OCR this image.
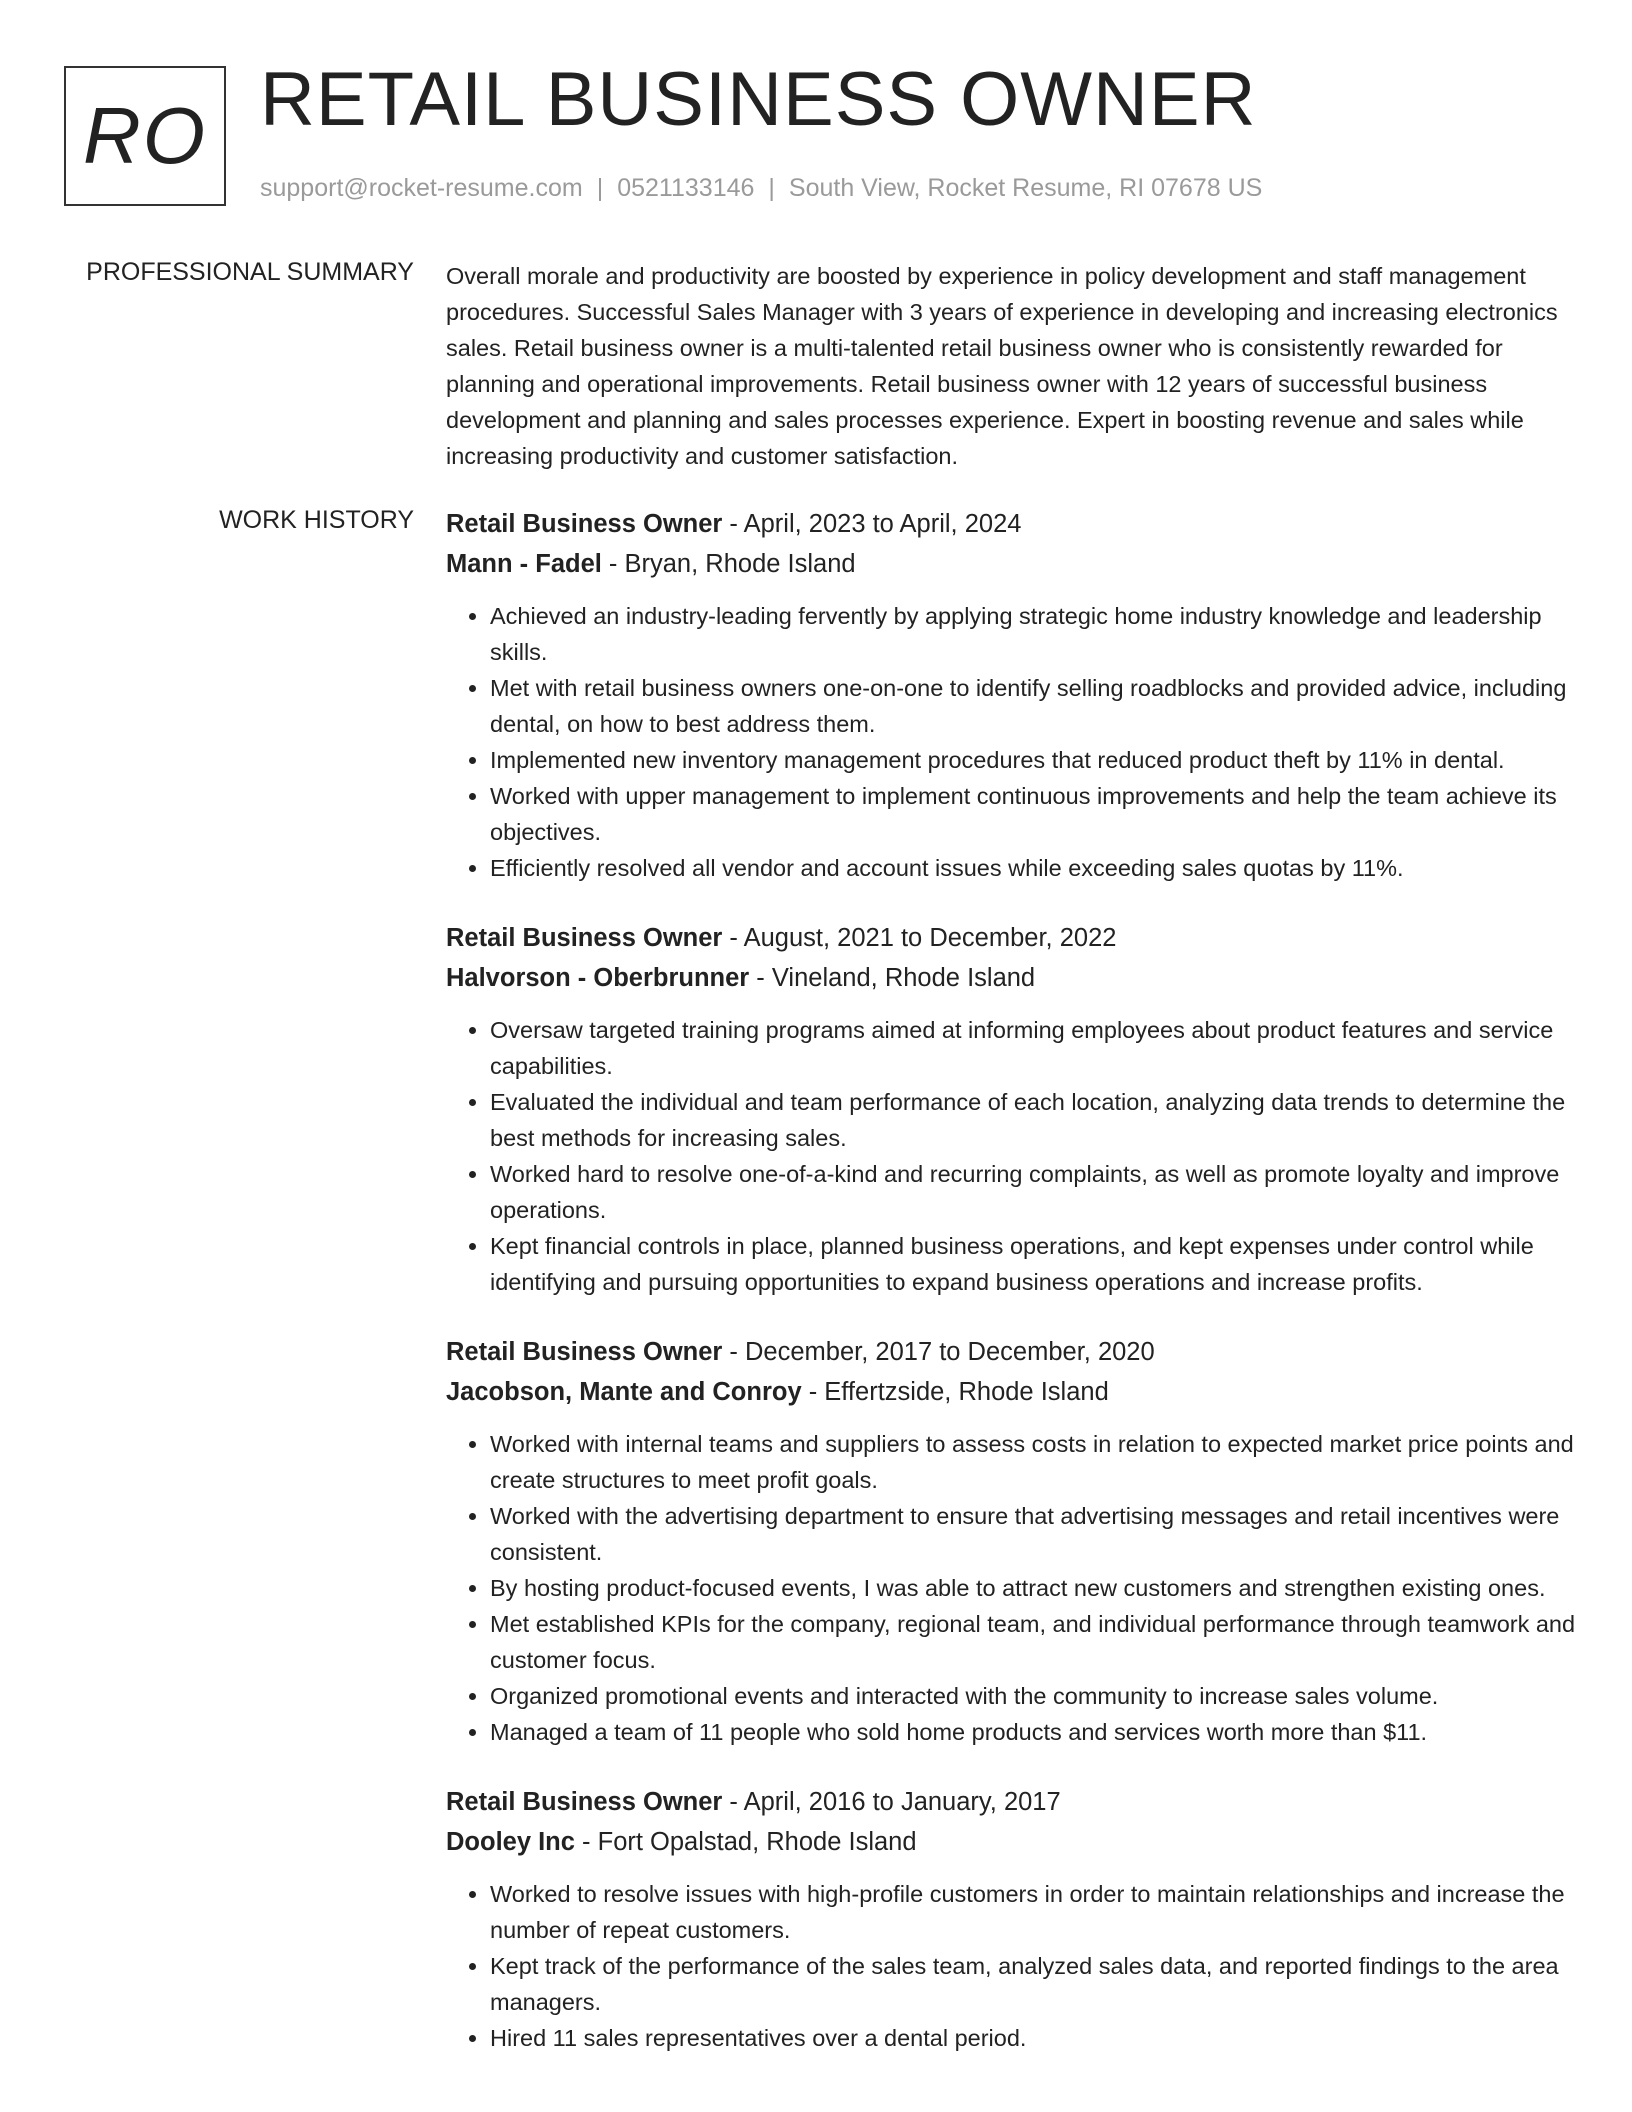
RO RETAIL BUSINESS OWNER
support@rocket-resume.com | 0521133146 | South View, Rocket Resume, RI 07678 US
PROFESSIONAL SUMMARY Overall morale and productivity are boosted by experience in policy development and staff management procedures. Successful Sales Manager with 3 years of experience in developing and increasing electronics sales. Retail business owner is a multi-talented retail business owner who is consistently rewarded for planning and operational improvements. Retail business owner with 12 years of successful business development and planning and sales processes experience. Expert in boosting revenue and sales while increasing productivity and customer satisfaction.

WORK HISTORY Retail Business Owner - April, 2023 to April, 2024
Mann - Fadel - Bryan, Rhode Island
• Achieved an industry-leading fervently by applying strategic home industry knowledge and leadership skills.
• Met with retail business owners one-on-one to identify selling roadblocks and provided advice, including dental, on how to best address them.
• Implemented new inventory management procedures that reduced product theft by 11% in dental.
• Worked with upper management to implement continuous improvements and help the team achieve its objectives.
• Efficiently resolved all vendor and account issues while exceeding sales quotas by 11%.
Retail Business Owner - August, 2021 to December, 2022
Halvorson - Oberbrunner - Vineland, Rhode Island
• Oversaw targeted training programs aimed at informing employees about product features and service capabilities.
• Evaluated the individual and team performance of each location, analyzing data trends to determine the best methods for increasing sales.
• Worked hard to resolve one-of-a-kind and recurring complaints, as well as promote loyalty and improve operations.
• Kept financial controls in place, planned business operations, and kept expenses under control while identifying and pursuing opportunities to expand business operations and increase profits.
Retail Business Owner - December, 2017 to December, 2020
Jacobson, Mante and Conroy - Effertzside, Rhode Island
• Worked with internal teams and suppliers to assess costs in relation to expected market price points and create structures to meet profit goals.
• Worked with the advertising department to ensure that advertising messages and retail incentives were consistent.
• By hosting product-focused events, I was able to attract new customers and strengthen existing ones.
• Met established KPIs for the company, regional team, and individual performance through teamwork and customer focus.
• Organized promotional events and interacted with the community to increase sales volume.
• Managed a team of 11 people who sold home products and services worth more than $11.
Retail Business Owner - April, 2016 to January, 2017
Dooley Inc - Fort Opalstad, Rhode Island
• Worked to resolve issues with high-profile customers in order to maintain relationships and increase the number of repeat customers.
• Kept track of the performance of the sales team, analyzed sales data, and reported findings to the area managers.
• Hired 11 sales representatives over a dental period.
